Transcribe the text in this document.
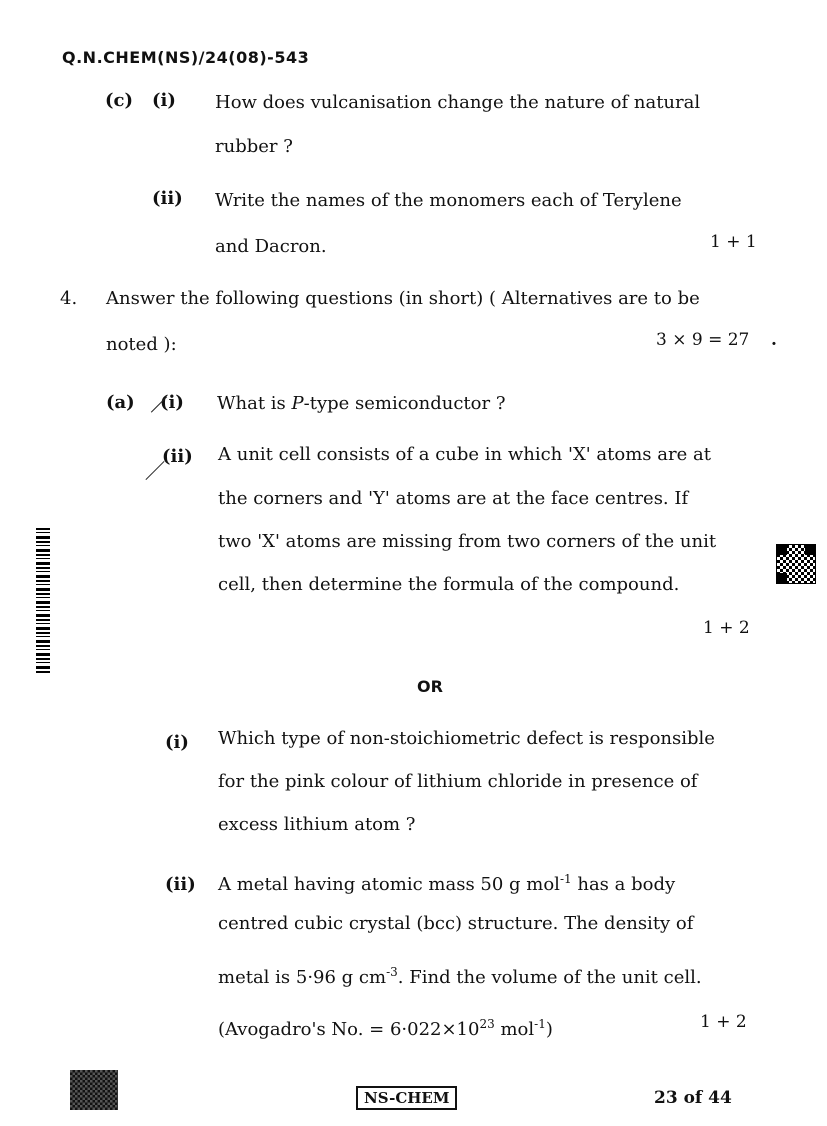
Q.N.CHEM(NS)/24(08)-543
(c) (i) How does vulcanisation change the nature of natural
rubber ?
(ii) Write the names of the monomers each of Terylene
and Dacron.	1 + 1
4. Answer the following questions (in short) ( Alternatives are to be
noted ):	3 × 9 = 27 .
(a) (i) What is P-type semiconductor ?
(ii) A unit cell consists of a cube in which 'X' atoms are at
the corners and 'Y' atoms are at the face centres. If
two 'X' atoms are missing from two corners of the unit
cell, then determine the formula of the compound.
1 + 2
OR
(i) Which type of non-stoichiometric defect is responsible
for the pink colour of lithium chloride in presence of
excess lithium atom ?
(ii) A metal having atomic mass 50 g mol$^{-1}$ has a body
centred cubic crystal (bcc) structure. The density of
metal is 5·96 g $cm^{-3}$. Find the volume of the unit cell.
(Avogadro's No. = $6\cdot 022\times 10^{23}$ mol$^{-1}$)	1 + 2
NS-CHEM	23 of 44
